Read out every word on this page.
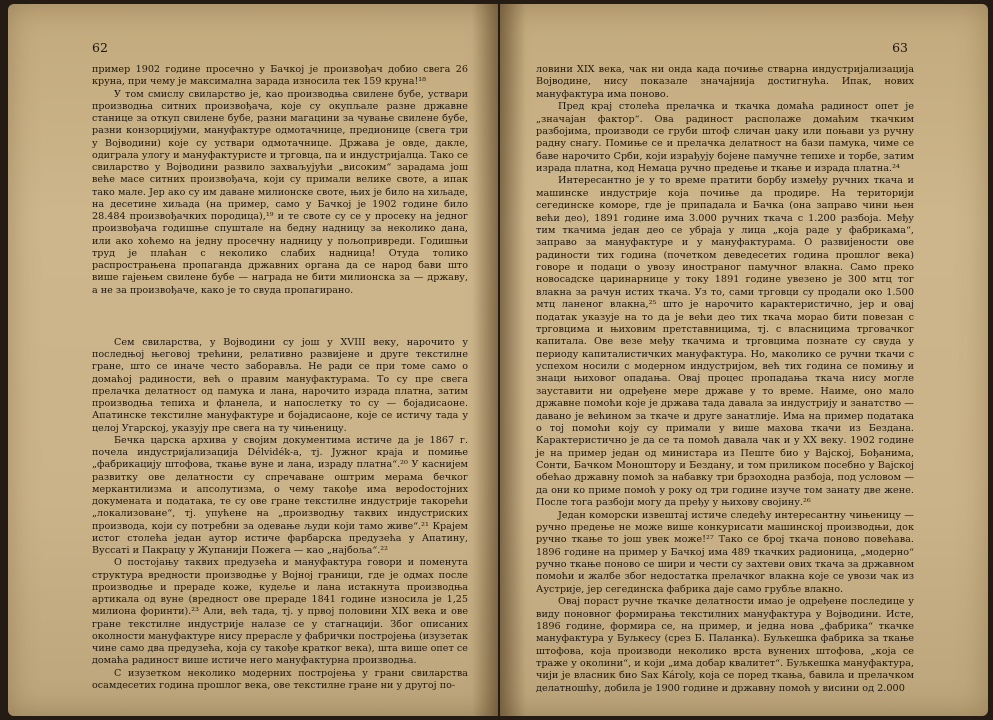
62

пример 1902 године просечно у Бачкој је произвођач добио свега 26 круна, при чему је максимална зарада износила тек 159 круна!¹⁸

У том смислу свиларство је, као производња свилене бубе, уствари производња ситних произвођача, које су окупљале разне државне станице за откуп свилене бубе, разни магацини за чување свилене бубе, разни конзорцијуми, мануфактуре одмотачнице, предионице (свега три у Војводини) које су уствари одмотачнице. Држава је овде, дакле, одиграла улогу и мануфактуристе и трговца, па и индустријалца. Тако се свиларство у Војводини развило захваљујући „високим“ зарадама још веће масе ситних произвођача, који су примали велике своте, а ипак тако мале. Јер ако су им даване милионске своте, њих је било на хиљаде, на десетине хиљада (на пример, само у Бачкој је 1902 године било 28.484 произвођачких породица),¹⁹ и те своте су се у просеку на једног произвођача годишње спуштале на бедну надницу за неколико дана, или ако хоћемо на једну просечну надницу у пољопривреди. Годишњи труд је плаћан с неколико слабих надница! Отуда толико распрострањена пропаганда државних органа да се народ бави што више гајењем свилене бубе — награда не бити милионска за — државу, а не за произвођаче, како је то свуда пропагирано.

Сем свиларства, у Војводини су још у XVIII веку, нарочито у последњој његовој трећини, релативно развијене и друге текстилне гране, што се иначе често заборавља. Не ради се при томе само о домаћој радиности, већ о правим мануфактурама. То су пре свега прелачка делатност од памука и лана, нарочито израда платна, затим производња тепиха и фланела, и напослетку то су — бојадисаоне. Апатинске текстилне мануфактуре и бојадисаоне, које се истичу тада у целој Угарској, указују пре свега на ту чињеницу.

Бечка царска архива у својим документима истиче да је 1867 г. почела индустријализација Délvidék-а, тј. Јужног краја и помиње „фабрикацију штофова, ткање вуне и лана, израду платна“.²⁰ У каснијем развитку ове делатности су спречаване оштрим мерама бечког меркантилизма и апсолутизма, о чему такође има верodостојних докумената и података, те су ове гране текстилне индустрије такорећи „локализоване“, тј. упућене на „производњу таквих индустриских производа, који су потребни за одевање људи који тамо живе“.²¹ Крајем истог столећа један аутор истиче фарбарска предузећа у Апатину, Вуссаті и Пакрацу у Жупанији Пожега — као „најбоља“.²²

О постојању таквих предузећа и мануфактура говори и поменута структура вредности производње у Војној граници, где је одмах после производње и прераде коже, кудеље и лана истакнута производња артикала од вуне (вредност ове прераде 1841 године износила је 1,25 милиона форинти).²³ Али, већ тада, тј. у првој половини XIX века и ове гране текстилне индустрије налазе се у стагнацији. Због описаних околности мануфактуре нису прерасле у фабрички построjења (изузетак чине само два предузећа, која су такође кратког века), шта више опет се домаћа радиност више истиче него мануфактурна производња.

С изузетком неколико модерних постројења у грани свиларства осамдесетих година прошлог века, ове текстилне гране ни у другој по-

63

ловини XIX века, чак ни онда када почиње стварна индустријализација Војводине, нису показале значајнија достигнућа. Ипак, нових мануфактура има поново.

Пред крај столећа прелачка и ткачка домаћа радиност опет је „значајан фактор“. Ова радиност располаже домаћим ткачким разбојима, производи се груби штоф сличан џаку или поњави уз ручну радну снагу. Помиње се и прелачка делатност на бази памука, чиме се баве нарочито Срби, који израђују бојене памучне тепихе и торбе, затим израда платна, код Немаца ручно предење и ткање и израда платна.²⁴

Интересантно је у то време пратити борбу између ручних ткача и машинске индустрије која почиње да продире. На територији сегединске коморе, где је припадала и Бачка (она заправо чини њен већи део), 1891 године има 3.000 ручних ткача с 1.200 разбоја. Међу тим ткачима један део се убраја у лица „која раде у фабрикама“, заправо за мануфактуре и у мануфактурама. О развијености ове радиности тих година (почетком деведесетих година прошлог века) говоре и подаци о увозу иностраног памучног влакна. Само преко новосадске царинарнице у току 1891 године увезено је 300 мтц тог влакна за рачун истих ткача. Уз то, сами трговци су продали око 1.500 мтц ланеног влакна,²⁵ што је нарочито карактеристично, јер и овај податак указује на то да је већи део тих ткача морао бити повезан с трговцима и њиховим претставницима, тј. с власницима трговачког капитала. Ове везе међу ткачима и трговцима познате су свуда у периоду капиталистичких мануфактура. Но, маколико се ручни ткачи с успехом носили с модерном индустријом, већ тих година се помињу и знаци њиховог опадања. Овај процес пропадања ткача нису могле зауставити ни одређене мере државе у то време. Наиме, оно мало државне помоћи које је држава тада давала за индустрију и занатство — давано је већином за ткаче и друге занатлије. Има на пример података о тој помоћи коју су примали у више махова ткачи из Бездана. Карактеристично је да се та помоћ давала чак и у XX веку. 1902 године је на пример један од министара из Пеште био у Вајској, Бођанима, Сонти, Бачком Моноштору и Бездану, и том приликом посебно у Вајској обећао државну помоћ за набавку три брзоходна разбоја, под условом — да они ко приме помоћ у року од три године изуче том занату две жене. После тога разбоји могу да пређу у њихову својину.²⁶

Један коморски извештај истиче следећу интересантну чињеницу — ручно предење не може више конкурисати машинској производњи, док ручно ткање то још увек може!²⁷ Тако се број ткача поново повећава. 1896 године на пример у Бачкој има 489 ткачких радионица, „модерно“ ручно ткање поново се шири и чести су захтеви ових ткача за државном помоћи и жалбе због недостатка прелачког влакна које се увози чак из Аустрије, јер сегединска фабрика даје само грубље влакно.

Овај пораст ручне ткачке делатности имао је одређене последице у виду поновног формирања текстилних мануфактура у Војводини. Исте, 1896 године, формира се, на пример, и једна нова „фабрика“ ткачке мануфактура у Буљкесу (срез Б. Паланка). Буљкешка фабрика за ткање штофова, која производи неколико врста вунених штофова, „која се траже у околини“, и који „има добар квалитет“. Буљкешка мануфактура, чији је власник био Sax Károly, која се поред ткања, бавила и прелачком делатношћу, добила је 1900 године и државну помоћ у висини од 2.000
